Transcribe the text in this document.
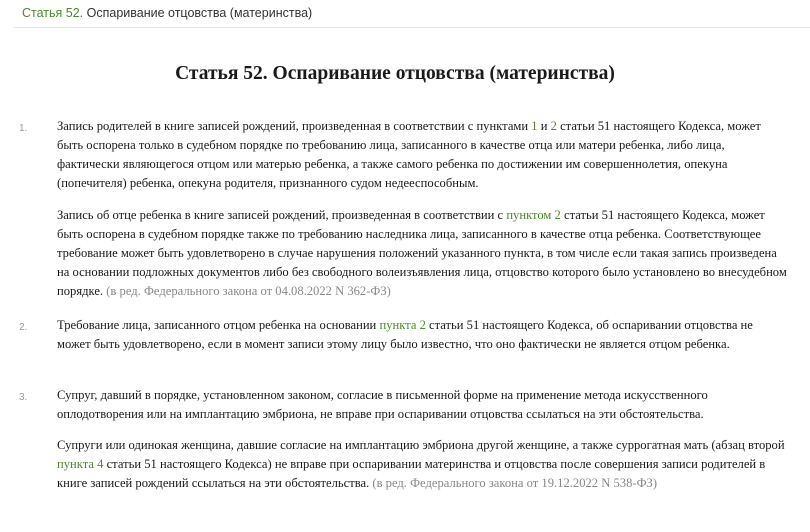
Статья 52. Оспаривание отцовства (материнства)
Статья 52. Оспаривание отцовства (материнства)
1. Запись родителей в книге записей рождений, произведенная в соответствии с пунктами 1 и 2 статьи 51 настоящего Кодекса, может быть оспорена только в судебном порядке по требованию лица, записанного в качестве отца или матери ребенка, либо лица, фактически являющегося отцом или матерью ребенка, а также самого ребенка по достижении им совершеннолетия, опекуна (попечителя) ребенка, опекуна родителя, признанного судом недееспособным.

Запись об отце ребенка в книге записей рождений, произведенная в соответствии с пунктом 2 статьи 51 настоящего Кодекса, может быть оспорена в судебном порядке также по требованию наследника лица, записанного в качестве отца ребенка. Соответствующее требование может быть удовлетворено в случае нарушения положений указанного пункта, в том числе если такая запись произведена на основании подложных документов либо без свободного волеизъявления лица, отцовство которого было установлено во внесудебном порядке. (в ред. Федерального закона от 04.08.2022 N 362-ФЗ)

2. Требование лица, записанного отцом ребенка на основании пункта 2 статьи 51 настоящего Кодекса, об оспаривании отцовства не может быть удовлетворено, если в момент записи этому лицу было известно, что оно фактически не является отцом ребенка.

3. Супруг, давший в порядке, установленном законом, согласие в письменной форме на применение метода искусственного оплодотворения или на имплантацию эмбриона, не вправе при оспаривании отцовства ссылаться на эти обстоятельства.

Супруги или одинокая женщина, давшие согласие на имплантацию эмбриона другой женщине, а также суррогатная мать (абзац второй пункта 4 статьи 51 настоящего Кодекса) не вправе при оспаривании материнства и отцовства после совершения записи родителей в книге записей рождений ссылаться на эти обстоятельства. (в ред. Федерального закона от 19.12.2022 N 538-ФЗ)
